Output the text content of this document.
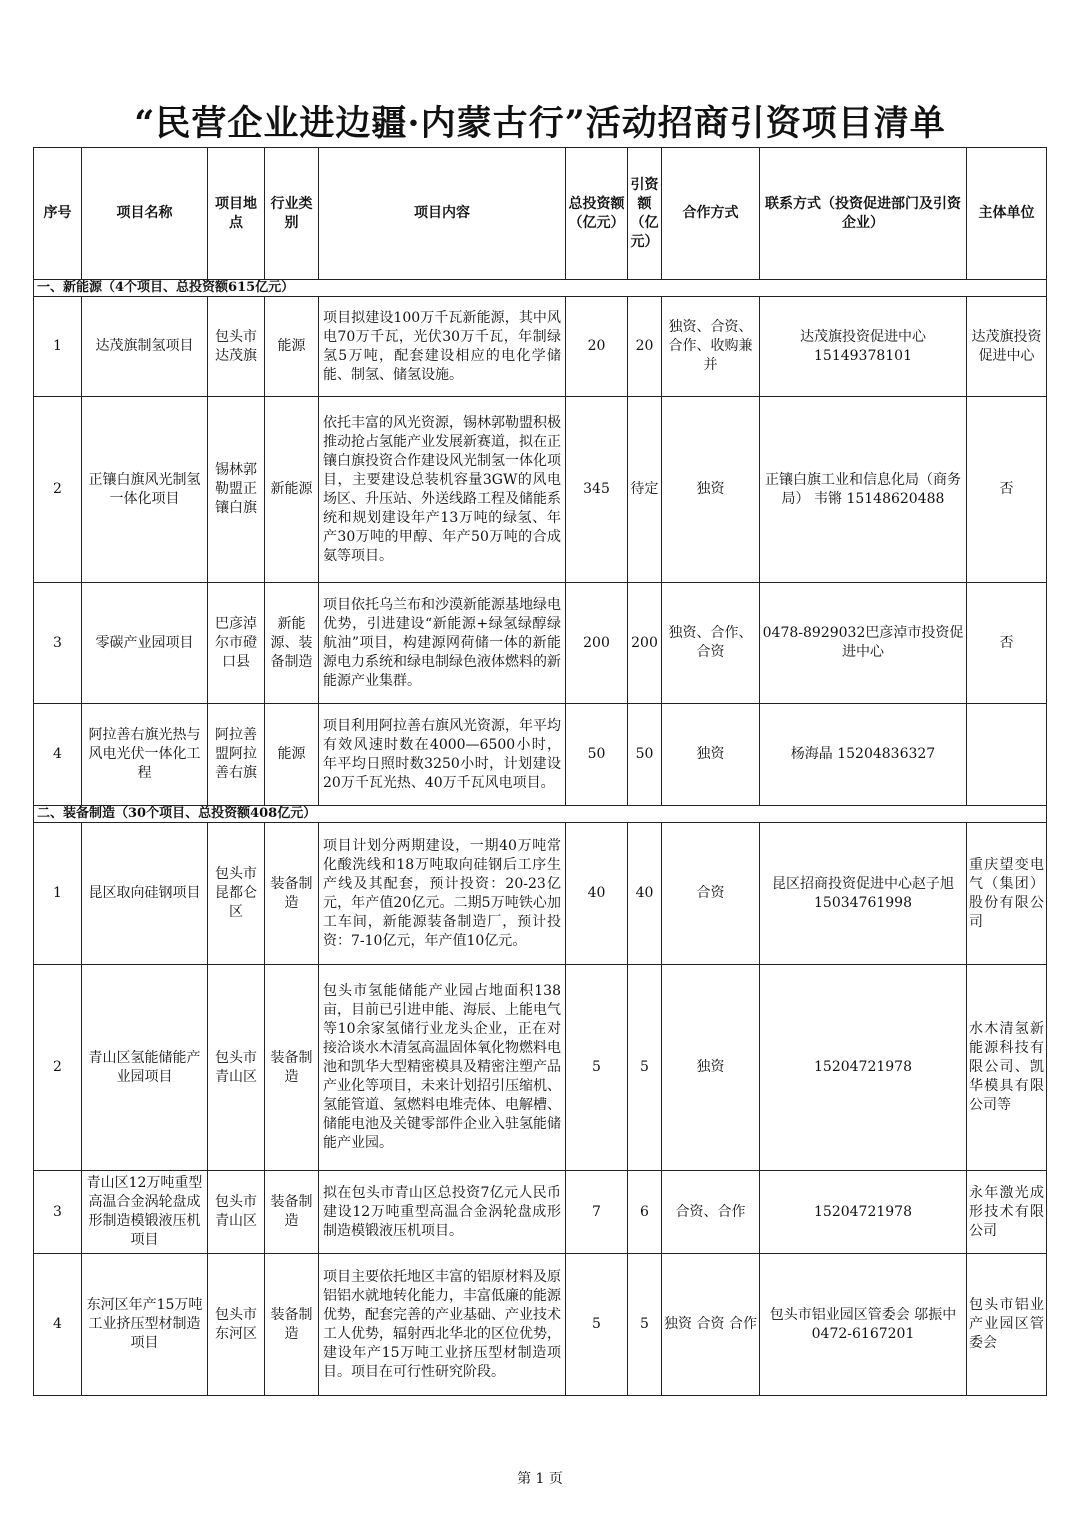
“民营企业进边疆·内蒙古行”活动招商引资项目清单
序号	项目名称	项目地点	行业类别	项目内容	总投资额（亿元）	引资额（亿元）	合作方式	联系方式（投资促进部门及引资企业）	主体单位
一、新能源（4个项目、总投资额615亿元）									
1	达茂旗制氢项目	包头市达茂旗	能源	项目拟建设100万千瓦新能源，其中风电70万千瓦，光伏30万千瓦，年制绿氢5万吨，配套建设相应的电化学储能、制氢、储氢设施。	20	20	独资、合资、合作、收购兼并	达茂旗投资促进中心 15149378101	达茂旗投资促进中心
2	正镶白旗风光制氢一体化项目	锡林郭勒盟正镶白旗	新能源	依托丰富的风光资源，锡林郭勒盟积极推动抢占氢能产业发展新赛道，拟在正镶白旗投资合作建设风光制氢一体化项目，主要建设总装机容量3GW的风电场区、升压站、外送线路工程及储能系统和规划建设年产13万吨的绿氢、年产30万吨的甲醇、年产50万吨的合成氨等项目。	345	待定	独资	正镶白旗工业和信息化局（商务局） 韦锵 15148620488	否
3	零碳产业园项目	巴彦淖尔市磴口县	新能源、装备制造	项目依托乌兰布和沙漠新能源基地绿电优势，引进建设“新能源+绿氢绿醇绿航油”项目，构建源网荷储一体的新能源电力系统和绿电制绿色液体燃料的新能源产业集群。	200	200	独资、合作、合资	0478-8929032巴彦淖市投资促进中心	否
4	阿拉善右旗光热与风电光伏一体化工程	阿拉善盟阿拉善右旗	能源	项目利用阿拉善右旗风光资源，年平均有效风速时数在4000—6500小时，年平均日照时数3250小时，计划建设20万千瓦光热、40万千瓦风电项目。	50	50	独资	杨海晶 15204836327	
二、装备制造（30个项目、总投资额408亿元）									
1	昆区取向硅钢项目	包头市昆都仑区	装备制造	项目计划分两期建设，一期40万吨常化酸洗线和18万吨取向硅钢后工序生产线及其配套，预计投资：20-23亿元，年产值20亿元。二期5万吨铁心加工车间，新能源装备制造厂，预计投资：7-10亿元，年产值10亿元。	40	40	合资	昆区招商投资促进中心赵子旭15034761998	重庆望变电气（集团）股份有限公司
2	青山区氢能储能产业园项目	包头市青山区	装备制造	包头市氢能储能产业园占地面积138亩，目前已引进申能、海辰、上能电气等10余家氢储行业龙头企业，正在对接洽谈水木清氢高温固体氧化物燃料电池和凯华大型精密模具及精密注塑产品产业化等项目，未来计划招引压缩机、氢能管道、氢燃料电堆壳体、电解槽、储能电池及关键零部件企业入驻氢能储能产业园。	5	5	独资	15204721978	水木清氢新能源科技有限公司、凯华模具有限公司等
3	青山区12万吨重型高温合金涡轮盘成形制造模锻液压机项目	包头市青山区	装备制造	拟在包头市青山区总投资7亿元人民币建设12万吨重型高温合金涡轮盘成形制造模锻液压机项目。	7	6	合资、合作	15204721978	永年激光成形技术有限公司
4	东河区年产15万吨工业挤压型材制造项目	包头市东河区	装备制造	项目主要依托地区丰富的铝原材料及原铝铝水就地转化能力，丰富低廉的能源优势，配套完善的产业基础、产业技术工人优势，辐射西北华北的区位优势，建设年产15万吨工业挤压型材制造项目。项目在可行性研究阶段。	5	5	独资 合资 合作	包头市铝业园区管委会 邬振中 0472-6167201	包头市铝业产业园区管委会
第 1 页
